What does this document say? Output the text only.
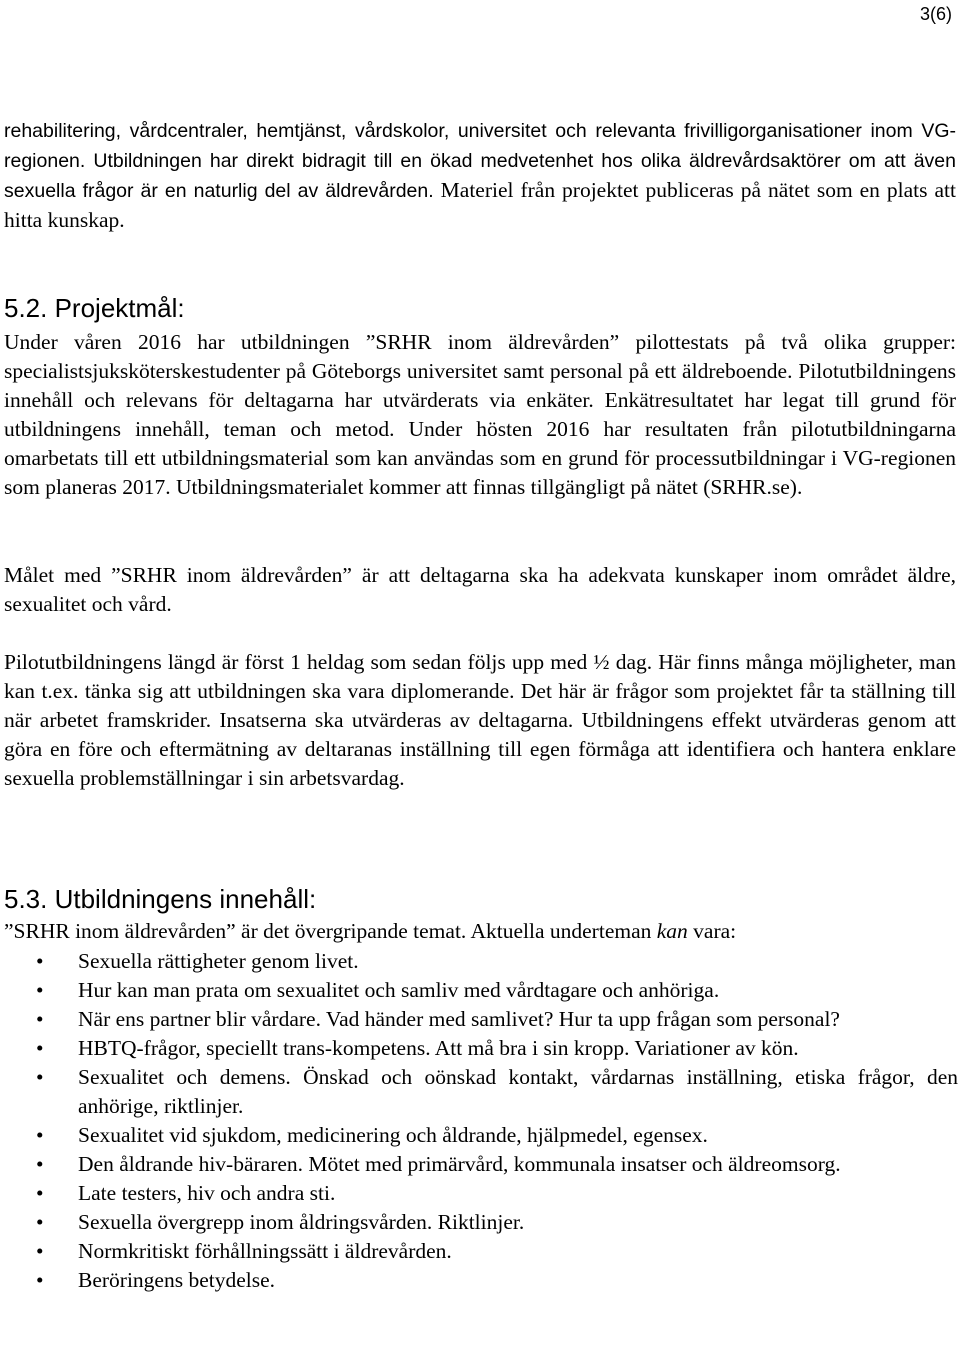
3(6)

rehabilitering, vårdcentraler, hemtjänst, vårdskolor, universitet och relevanta frivilligorganisationer inom VG-regionen. Utbildningen har direkt bidragit till en ökad medvetenhet hos olika äldrevårdsaktörer om att även sexuella frågor är en naturlig del av äldrevården. Materiel från projektet publiceras på nätet som en plats att hitta kunskap.

5.2. Projektmål:

Under våren 2016 har utbildningen ”SRHR inom äldrevården” pilottestats på två olika grupper: specialistsjuksköterskestudenter på Göteborgs universitet samt personal på ett äldreboende. Pilotutbildningens innehåll och relevans för deltagarna har utvärderats via enkäter. Enkätresultatet har legat till grund för utbildningens innehåll, teman och metod. Under hösten 2016 har resultaten från pilotutbildningarna omarbetats till ett utbildningsmaterial som kan användas som en grund för processutbildningar i VG-regionen som planeras 2017. Utbildningsmaterialet kommer att finnas tillgängligt på nätet (SRHR.se).

Målet med ”SRHR inom äldrevården” är att deltagarna ska ha adekvata kunskaper inom området äldre, sexualitet och vård.

Pilotutbildningens längd är först 1 heldag som sedan följs upp med ½ dag. Här finns många möjligheter, man kan t.ex. tänka sig att utbildningen ska vara diplomerande. Det här är frågor som projektet får ta ställning till när arbetet framskrider. Insatserna ska utvärderas av deltagarna. Utbildningens effekt utvärderas genom att göra en före och eftermätning av deltaranas inställning till egen förmåga att identifiera och hantera enklare sexuella problemställningar i sin arbetsvardag.

5.3. Utbildningens innehåll:

”SRHR inom äldrevården” är det övergripande temat. Aktuella underteman kan vara:

• Sexuella rättigheter genom livet.
• Hur kan man prata om sexualitet och samliv med vårdtagare och anhöriga.
• När ens partner blir vårdare. Vad händer med samlivet? Hur ta upp frågan som personal?
• HBTQ-frågor, speciellt trans-kompetens. Att må bra i sin kropp. Variationer av kön.
• Sexualitet och demens. Önskad och oönskad kontakt, vårdarnas inställning, etiska frågor, den anhörige, riktlinjer.
• Sexualitet vid sjukdom, medicinering och åldrande, hjälpmedel, egensex.
• Den åldrande hiv-bäraren. Mötet med primärvård, kommunala insatser och äldreomsorg.
• Late testers, hiv och andra sti.
• Sexuella övergrepp inom åldringsvården. Riktlinjer.
• Normkritiskt förhållningssätt i äldrevården.
• Beröringens betydelse.
